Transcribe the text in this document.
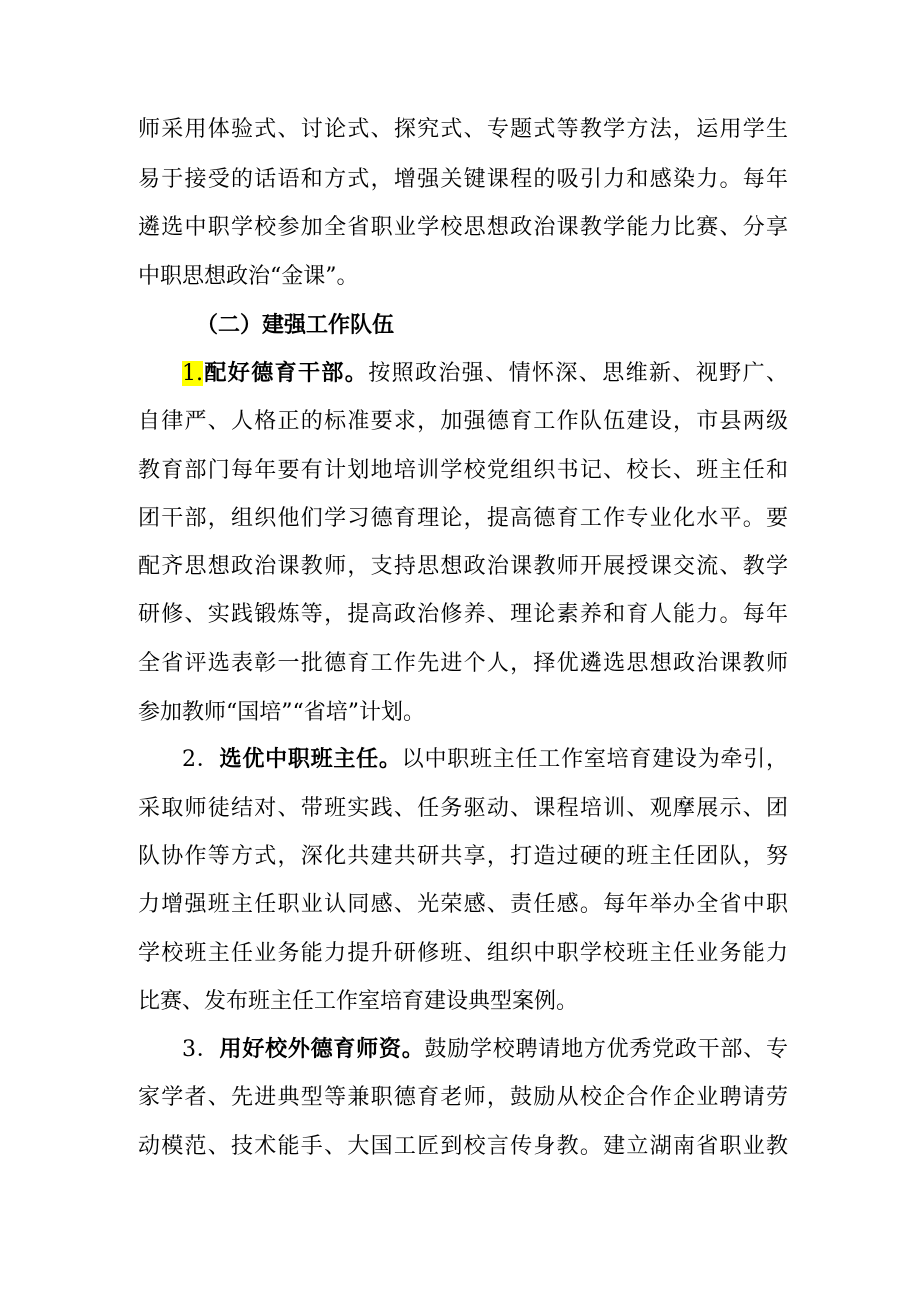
师采用体验式、讨论式、探究式、专题式等教学方法，运用学生
易于接受的话语和方式，增强关键课程的吸引力和感染力。每年
遴选中职学校参加全省职业学校思想政治课教学能力比赛、分享
中职思想政治“金课”。
（二）建强工作队伍
1.配好德育干部。按照政治强、情怀深、思维新、视野广、
自律严、人格正的标准要求，加强德育工作队伍建设，市县两级
教育部门每年要有计划地培训学校党组织书记、校长、班主任和
团干部，组织他们学习德育理论，提高德育工作专业化水平。要
配齐思想政治课教师，支持思想政治课教师开展授课交流、教学
研修、实践锻炼等，提高政治修养、理论素养和育人能力。每年
全省评选表彰一批德育工作先进个人，择优遴选思想政治课教师
参加教师“国培”“省培”计划。
2．选优中职班主任。以中职班主任工作室培育建设为牵引，
采取师徒结对、带班实践、任务驱动、课程培训、观摩展示、团
队协作等方式，深化共建共研共享，打造过硬的班主任团队，努
力增强班主任职业认同感、光荣感、责任感。每年举办全省中职
学校班主任业务能力提升研修班、组织中职学校班主任业务能力
比赛、发布班主任工作室培育建设典型案例。
3．用好校外德育师资。鼓励学校聘请地方优秀党政干部、专
家学者、先进典型等兼职德育老师，鼓励从校企合作企业聘请劳
动模范、技术能手、大国工匠到校言传身教。建立湖南省职业教
